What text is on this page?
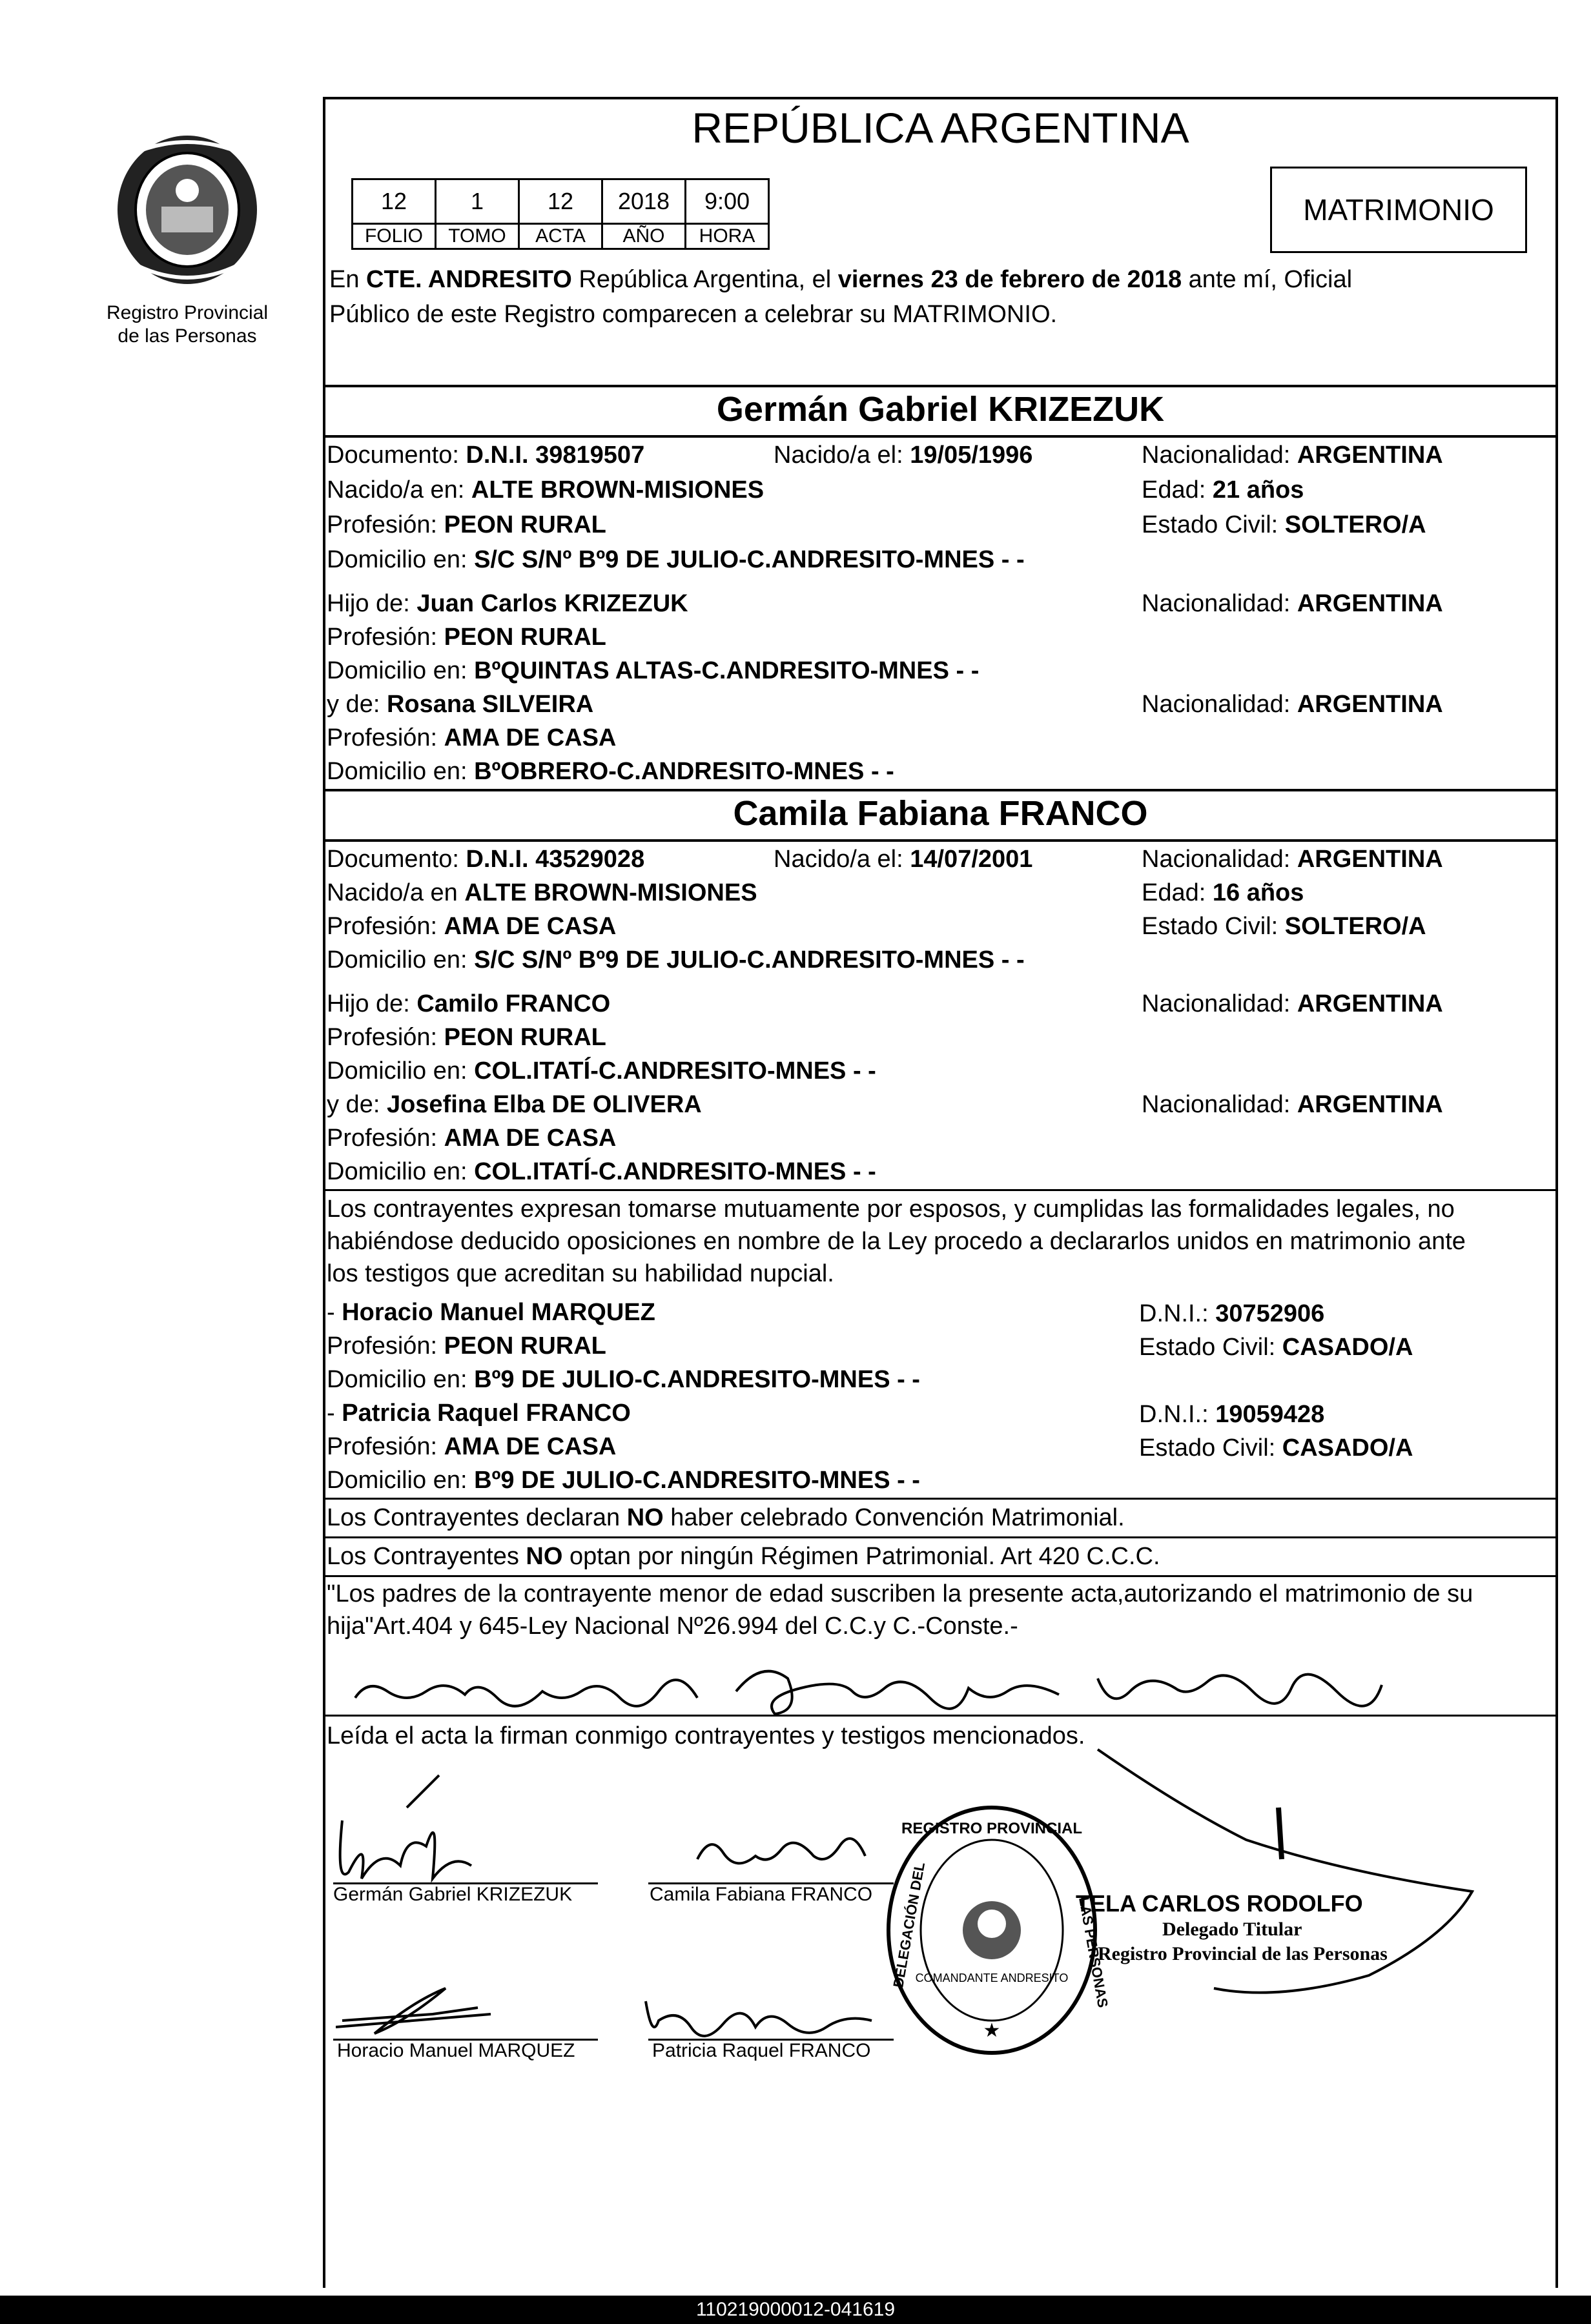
Registro Provincial
de las Personas
REPÚBLICA ARGENTINA
12	1	12	2018	9:00
FOLIO	TOMO	ACTA	AÑO	HORA
MATRIMONIO
En CTE. ANDRESITO República Argentina, el viernes 23 de febrero de 2018 ante mí, Oficial
Público de este Registro comparecen a celebrar su MATRIMONIO.
Germán Gabriel KRIZEZUK
Documento: D.N.I. 39819507	Nacido/a el: 19/05/1996	Nacionalidad: ARGENTINA
Nacido/a en: ALTE BROWN-MISIONES	Edad: 21 años
Profesión: PEON RURAL	Estado Civil: SOLTERO/A
Domicilio en: S/C S/Nº Bº9 DE JULIO-C.ANDRESITO-MNES - -
Hijo de: Juan Carlos KRIZEZUK	Nacionalidad: ARGENTINA
Profesión: PEON RURAL
Domicilio en: BºQUINTAS ALTAS-C.ANDRESITO-MNES - -
y de: Rosana SILVEIRA	Nacionalidad: ARGENTINA
Profesión: AMA DE CASA
Domicilio en: BºOBRERO-C.ANDRESITO-MNES - -
Camila Fabiana FRANCO
Documento: D.N.I. 43529028	Nacido/a el: 14/07/2001	Nacionalidad: ARGENTINA
Nacido/a en ALTE BROWN-MISIONES	Edad: 16 años
Profesión: AMA DE CASA	Estado Civil: SOLTERO/A
Domicilio en: S/C S/Nº Bº9 DE JULIO-C.ANDRESITO-MNES - -
Hijo de: Camilo FRANCO	Nacionalidad: ARGENTINA
Profesión: PEON RURAL
Domicilio en: COL.ITATÍ-C.ANDRESITO-MNES - -
y de: Josefina Elba DE OLIVERA	Nacionalidad: ARGENTINA
Profesión: AMA DE CASA
Domicilio en: COL.ITATÍ-C.ANDRESITO-MNES - -
Los contrayentes expresan tomarse mutuamente por esposos, y cumplidas las formalidades legales, no
habiéndose deducido oposiciones en nombre de la Ley procedo a declararlos unidos en matrimonio ante
los testigos que acreditan su habilidad nupcial.
- Horacio Manuel MARQUEZ	D.N.I.: 30752906
Profesión: PEON RURAL	Estado Civil: CASADO/A
Domicilio en: Bº9 DE JULIO-C.ANDRESITO-MNES - -
- Patricia Raquel FRANCO	D.N.I.: 19059428
Profesión: AMA DE CASA	Estado Civil: CASADO/A
Domicilio en: Bº9 DE JULIO-C.ANDRESITO-MNES - -
Los Contrayentes declaran NO haber celebrado Convención Matrimonial.
Los Contrayentes NO optan por ningún Régimen Patrimonial. Art 420 C.C.C.
"Los padres de la contrayente menor de edad suscriben la presente acta,autorizando el matrimonio de su
hija"Art.404 y 645-Ley Nacional Nº26.994 del C.C.y C.-Conste.-
Leída el acta la firman conmigo contrayentes y testigos mencionados.
Germán Gabriel KRIZEZUK	Camila Fabiana FRANCO
Horacio Manuel MARQUEZ	Patricia Raquel FRANCO
REGISTRO PROVINCIAL
COMANDANTE ANDRESITO
DELEGACIÓN DEL	LAS PERSONAS
★
TELA CARLOS RODOLFO
Delegado Titular
Registro Provincial de las Personas
110219000012-041619
